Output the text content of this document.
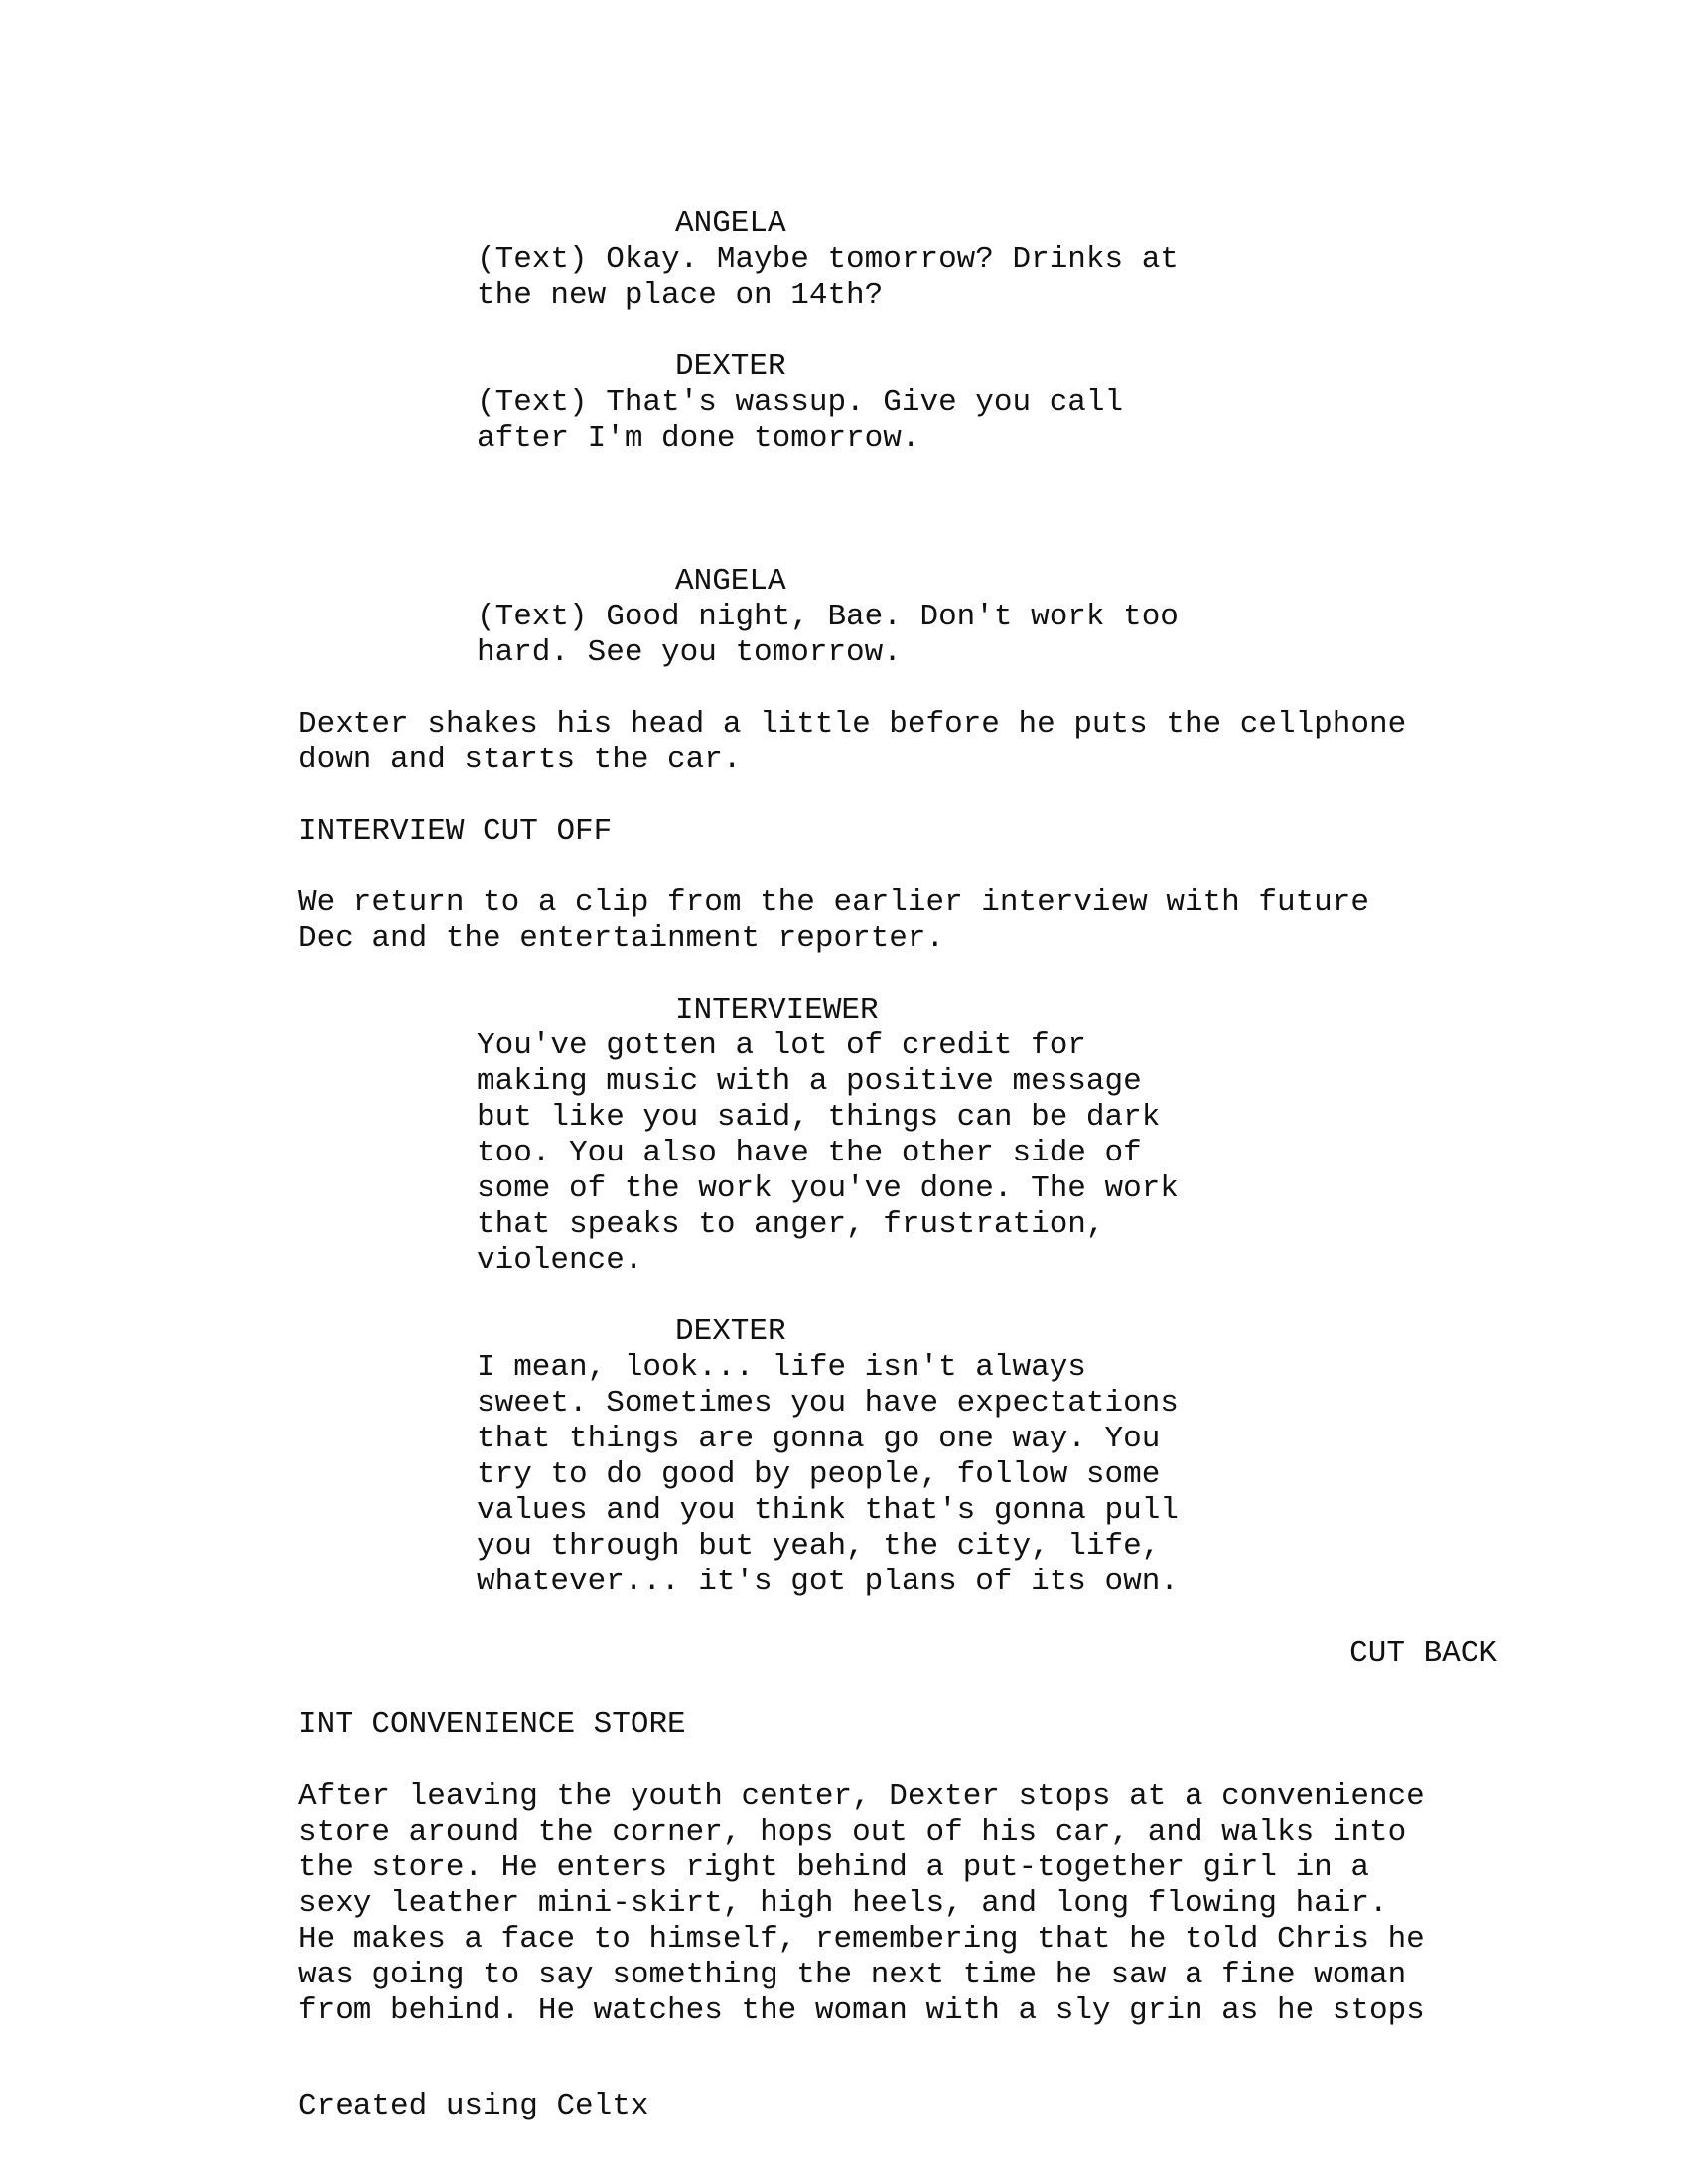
ANGELA
(Text) Okay. Maybe tomorrow? Drinks at
the new place on 14th?
DEXTER
(Text) That's wassup. Give you call
after I'm done tomorrow.
ANGELA
(Text) Good night, Bae. Don't work too
hard. See you tomorrow.
Dexter shakes his head a little before he puts the cellphone
down and starts the car.
INTERVIEW CUT OFF
We return to a clip from the earlier interview with future
Dec and the entertainment reporter.
INTERVIEWER
You've gotten a lot of credit for
making music with a positive message
but like you said, things can be dark
too. You also have the other side of
some of the work you've done. The work
that speaks to anger, frustration,
violence.
DEXTER
I mean, look... life isn't always
sweet. Sometimes you have expectations
that things are gonna go one way. You
try to do good by people, follow some
values and you think that's gonna pull
you through but yeah, the city, life,
whatever... it's got plans of its own.
CUT BACK
INT CONVENIENCE STORE
After leaving the youth center, Dexter stops at a convenience
store around the corner, hops out of his car, and walks into
the store. He enters right behind a put-together girl in a
sexy leather mini-skirt, high heels, and long flowing hair.
He makes a face to himself, remembering that he told Chris he
was going to say something the next time he saw a fine woman
from behind. He watches the woman with a sly grin as he stops
Created using Celtx
